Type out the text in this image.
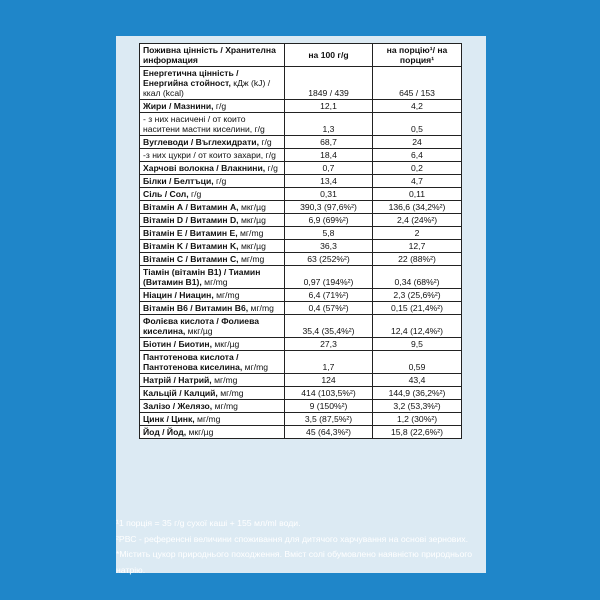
Поживна цінність / Хранителна информация	на 100 г/g	на порцію¹/ на порция¹
Енергетична цінність / Енергийна стойност, кДж (kJ) / ккал (kcal)	1849 / 439	645 / 153
Жири / Мазнини, г/g	12,1	4,2
- з них насичені / от които наситени мастни киселини, г/g	1,3	0,5
Вуглеводи / Въглехидрати, г/g	68,7	24
-з них цукри / от които захари, г/g	18,4	6,4
Харчові волокна / Влакнини, г/g	0,7	0,2
Білки / Белтъци, г/g	13,4	4,7
Сіль / Сол, г/g	0,31	0,11
Вітамін А / Витамин А, мкг/µg	390,3 (97,6%²)	136,6 (34,2%²)
Вітамін D / Витамин D, мкг/µg	6,9 (69%²)	2,4 (24%²)
Вітамін Е / Витамин Е, мг/mg	5,8	2
Вітамін K / Витамин K, мкг/µg	36,3	12,7
Вітамін С / Витамин С, мг/mg	63 (252%²)	22 (88%²)
Тіамін (вітамін В1) / Тиамин (Витамин В1), мг/mg	0,97 (194%²)	0,34 (68%²)
Ніацин / Ниацин, мг/mg	6,4 (71%²)	2,3 (25,6%²)
Вітамін В6 / Витамин В6, мг/mg	0,4 (57%²)	0,15 (21,4%²)
Фолієва кислота / Фолиева киселина, мкг/µg	35,4 (35,4%²)	12,4 (12,4%²)
Біотин / Биотин, мкг/µg	27,3	9,5
Пантотенова кислота / Пантотенова киселина, мг/mg	1,7	0,59
Натрій / Натрий, мг/mg	124	43,4
Кальцій / Калций, мг/mg	414 (103,5%²)	144,9 (36,2%²)
Залізо / Желязо, мг/mg	9 (150%²)	3,2 (53,3%²)
Цинк / Цинк, мг/mg	3,5 (87,5%²)	1,2 (30%²)
Йод / Йод, мкг/µg	45 (64,3%²)	15,8 (22,6%²)
¹1 порція = 35 г/g сухої каші + 155 мл/ml води.
²РВС - референсні величини споживання для дитячого харчування на основі зернових.
*Містить цукор природнього походження. Вміст солі обумовлено наявністю природнього натрію.
